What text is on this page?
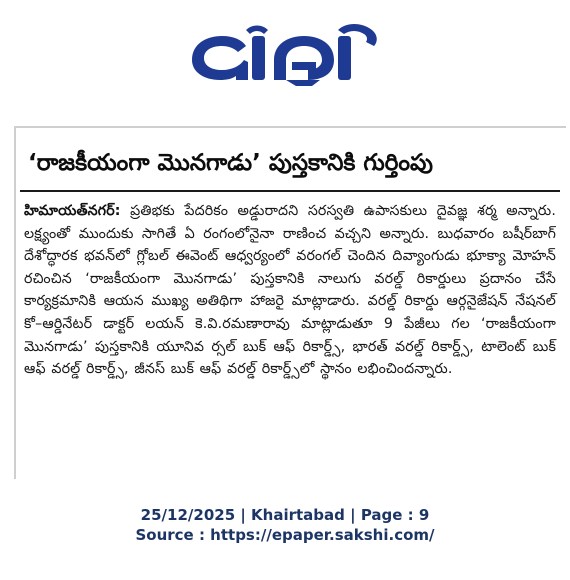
‘రాజకీయంగా మొనగాడు’ పుస్తకానికి గుర్తింపు

హిమాయత్‌నగర్: ప్రతిభకు పేదరికం అడ్డురాదని సరస్వతి ఉపాసకులు దైవజ్ఞ శర్మ అన్నారు. లక్ష్యంతో ముందుకు సాగితే ఏ రంగంలోనైనా రాణించ వచ్చని అన్నారు. బుధవారం బషీర్‌బాగ్ దేశోద్ధారక భవన్‌లో గ్లోబల్ ఈవెంట్ ఆధ్వర్యంలో వరంగల్ చెందిన దివ్యాంగుడు భూక్యా మోహన్ రచించిన ‘రాజకీయంగా మొనగాడు’ పుస్తకానికి నాలుగు వరల్డ్ రికార్డులు ప్రదానం చేసే కార్యక్రమానికి ఆయన ముఖ్య అతిథిగా హాజరై మాట్లాడారు. వరల్డ్ రికార్డు ఆర్గనైజేషన్ నేషనల్ కో–ఆర్డినేటర్ డాక్టర్ లయన్ కె.వి.రమణారావు మాట్లాడుతూ 9 పేజీలు గల ‘రాజకీయంగా మొనగాడు’ పుస్తకానికి యూనివ ర్సల్ బుక్ ఆఫ్ రికార్డ్స్, భారత్ వరల్డ్ రికార్డ్స్, టాలెంట్ బుక్ ఆఫ్ వరల్డ్ రికార్డ్స్, జీనస్ బుక్ ఆఫ్ వరల్డ్ రికార్డ్స్‌లో స్థానం లభించిందన్నారు.

25/12/2025 | Khairtabad | Page : 9
Source : https://epaper.sakshi.com/
